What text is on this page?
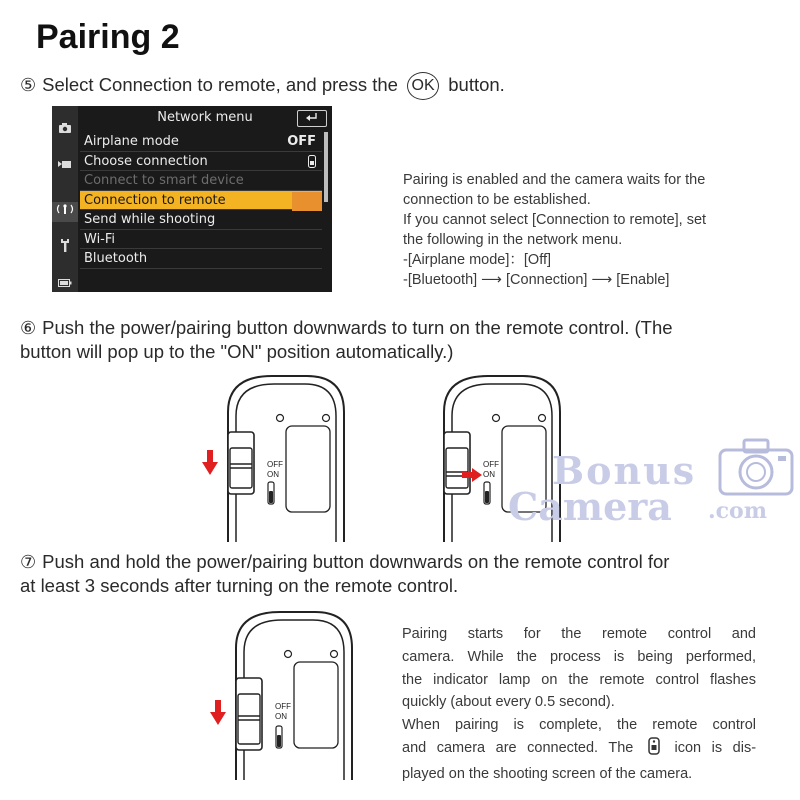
Pairing 2
⑤ Select Connection to remote, and press the OK button.
Network menu
Airplane mode	OFF
Choose connection
Connect to smart device
Connection to remote
Send while shooting
Wi-Fi
Bluetooth
Pairing is enabled and the camera waits for the
connection to be established.
If you cannot select [Connection to remote], set
the following in the network menu.
-[Airplane mode]：[Off]
-[Bluetooth] ⟶ [Connection] ⟶ [Enable]
⑥ Push the power/pairing button downwards to turn on the remote control. (The
button will pop up to the "ON" position automatically.)
OFF
ON
OFF
ON Bonus
Camera .com
⑦ Push and hold the power/pairing button downwards on the remote control for
at least 3 seconds after turning on the remote control.
OFF
ON
Pairing starts for the remote control and
camera. While the process is being performed,
the indicator lamp on the remote control flashes
quickly (about every 0.5 second).
When pairing is complete, the remote control
and camera are connected. The	icon is dis-
played on the shooting screen of the camera.
